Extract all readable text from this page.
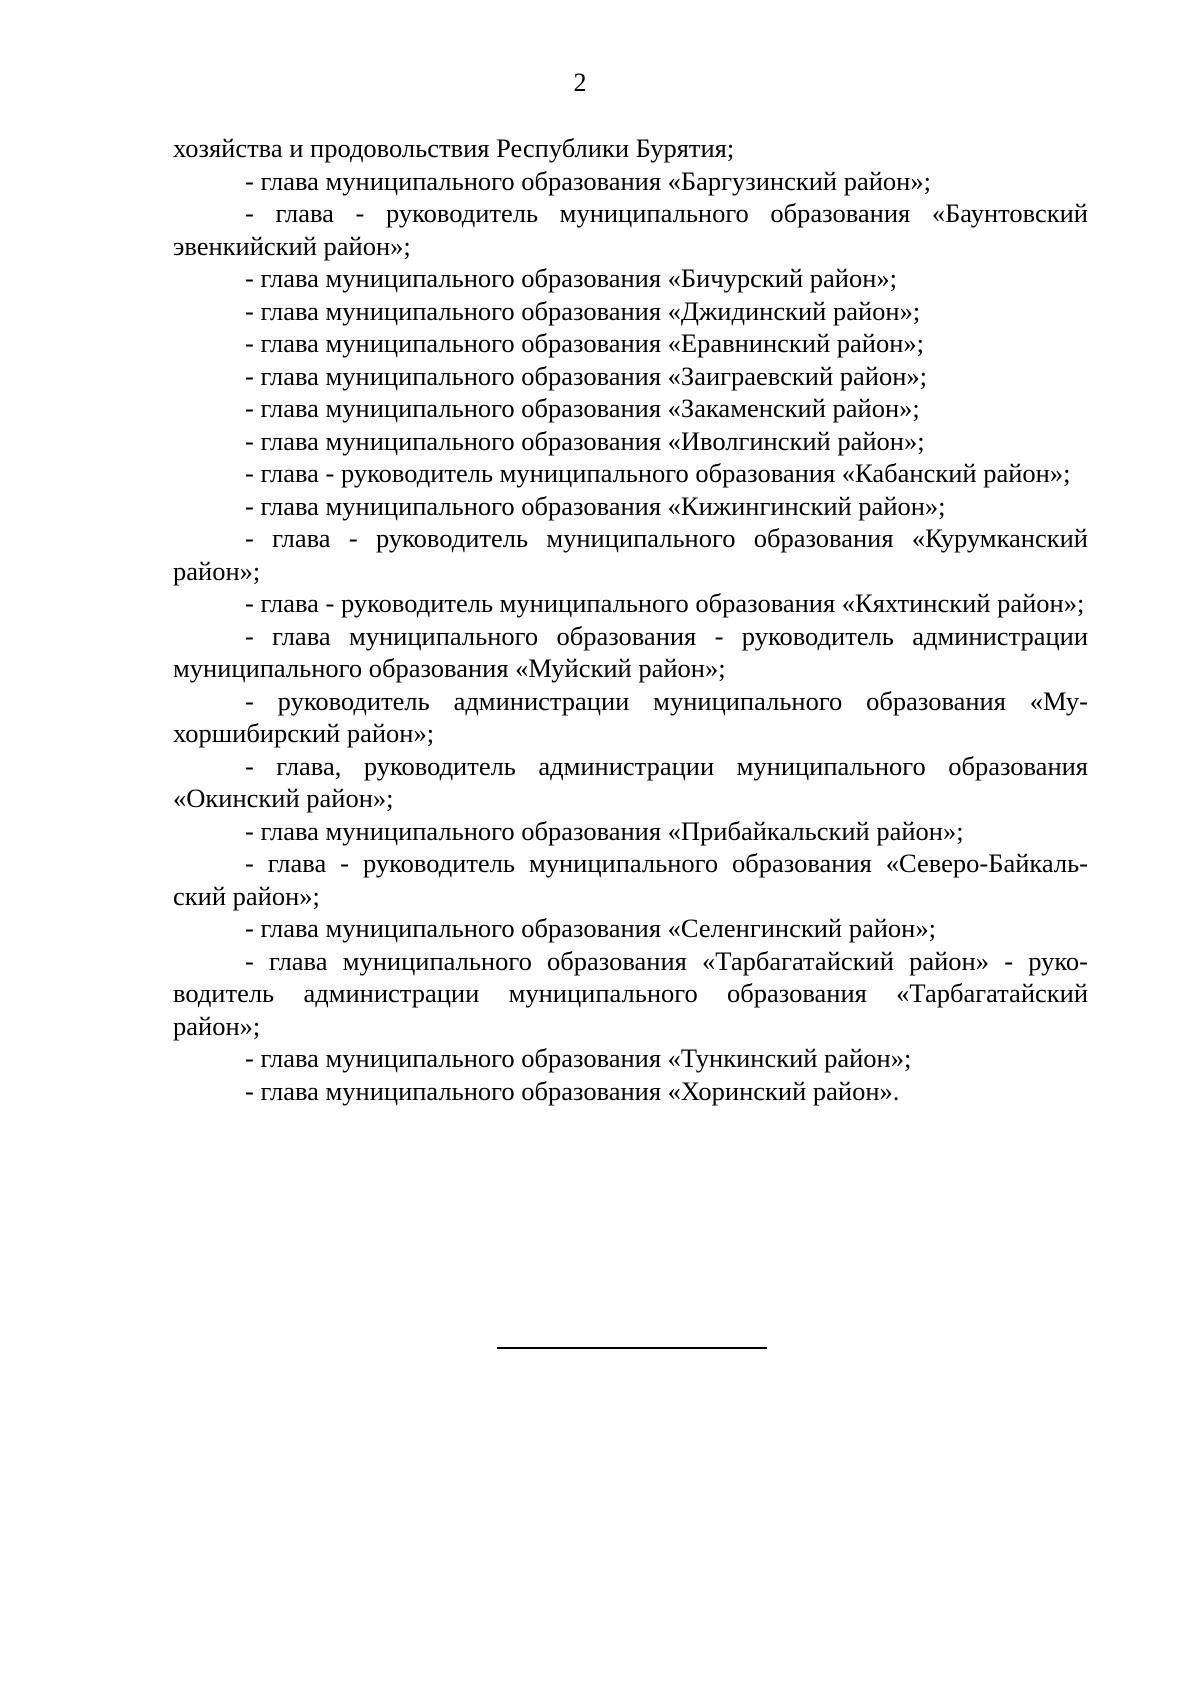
2

хозяйства и продовольствия Республики Бурятия;

- глава муниципального образования «Баргузинский район»;

- глава - руководитель муниципального образования «Баунтовский эвенкийский район»;

- глава муниципального образования «Бичурский район»;

- глава муниципального образования «Джидинский район»;

- глава муниципального образования «Еравнинский район»;

- глава муниципального образования «Заиграевский район»;

- глава муниципального образования «Закаменский район»;

- глава муниципального образования «Иволгинский район»;

- глава - руководитель муниципального образования «Кабанский район»;

- глава муниципального образования «Кижингинский район»;

- глава - руководитель муниципального образования «Курумканский район»;

- глава - руководитель муниципального образования «Кяхтинский район»;

- глава муниципального образования - руководитель администрации муниципального образования «Муйский район»;

- руководитель администрации муниципального образования «Мухоршибирский район»;

- глава, руководитель администрации муниципального образования «Окинский район»;

- глава муниципального образования «Прибайкальский район»;

- глава - руководитель муниципального образования «Северо-Байкальский район»;

- глава муниципального образования «Селенгинский район»;

- глава муниципального образования «Тарбагатайский район» - руководитель администрации муниципального образования «Тарбагатайский район»;

- глава муниципального образования «Тункинский район»;

- глава муниципального образования «Хоринский район».
